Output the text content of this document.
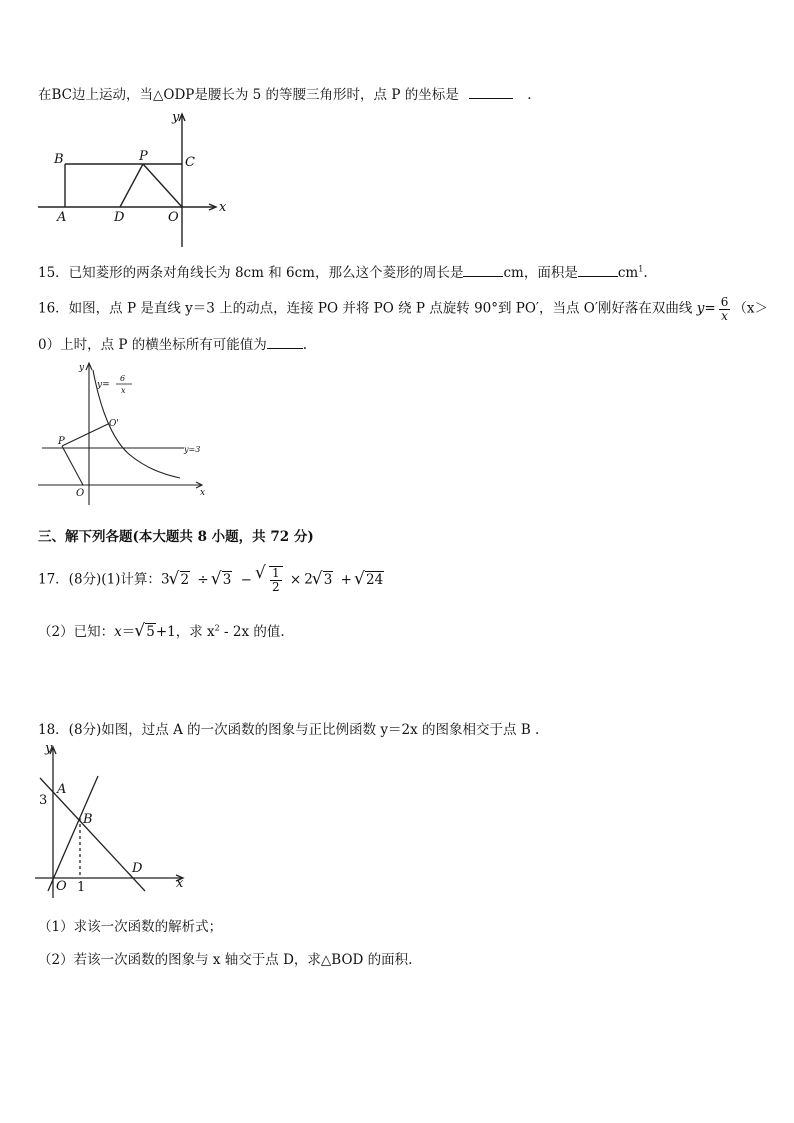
在BC边上运动，当△ODP是腰长为 5 的等腰三角形时，点 P 的坐标是	.
B	P	C
A	D	O
x
y
15．已知菱形的两条对角线长为 8cm 和 6cm，那么这个菱形的周长是	cm，面积是	$cm^1$.
16．如图，点 P 是直线 y＝3 上的动点，连接 PO 并将 PO 绕 P 点旋转 90°到 PO′，当点 O′刚好落在双曲线 $y= \frac{6}{x} (x>$
0）上时，点 P 的横坐标所有可能值为	.
y=
6
x
P
O'
O
y=3
x
y
三、解下列各题(本大题共 8 小题，共 72 分)
17．(8分)(1)计算：3√ 2 ÷√ 3 −
√ $\frac{1}{2} \times 2√$ 3 +√ 24
（2）已知：x＝√ 5+1，求 $x^2 - 2x$ 的值.
18．(8分)如图，过点 A 的一次函数的图象与正比例函数 y＝2x 的图象相交于点 B .
y
x
3
A
B
D
O 1
（1）求该一次函数的解析式；
（2）若该一次函数的图象与 x 轴交于点 D，求△BOD 的面积.
